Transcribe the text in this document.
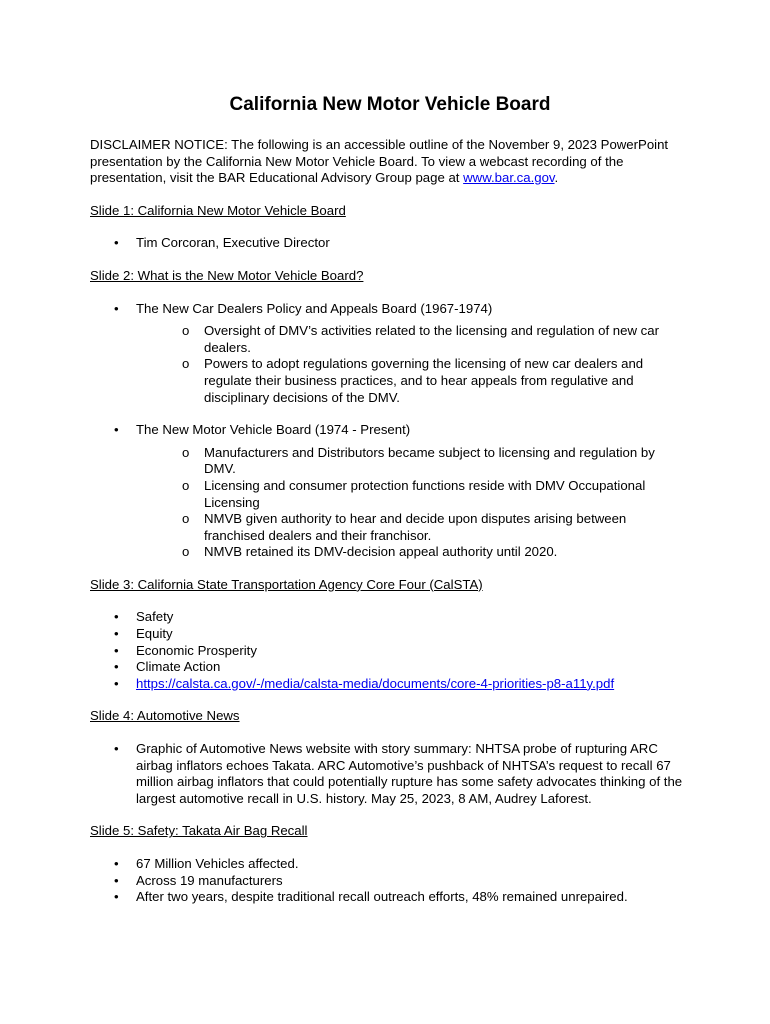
California New Motor Vehicle Board

DISCLAIMER NOTICE: The following is an accessible outline of the November 9, 2023 PowerPoint presentation by the California New Motor Vehicle Board. To view a webcast recording of the presentation, visit the BAR Educational Advisory Group page at www.bar.ca.gov.

Slide 1: California New Motor Vehicle Board

• Tim Corcoran, Executive Director

Slide 2: What is the New Motor Vehicle Board?

• The New Car Dealers Policy and Appeals Board (1967-1974)
o Oversight of DMV’s activities related to the licensing and regulation of new car dealers.
o Powers to adopt regulations governing the licensing of new car dealers and regulate their business practices, and to hear appeals from regulative and disciplinary decisions of the DMV.
• The New Motor Vehicle Board (1974 - Present)
o Manufacturers and Distributors became subject to licensing and regulation by DMV.
o Licensing and consumer protection functions reside with DMV Occupational Licensing
o NMVB given authority to hear and decide upon disputes arising between franchised dealers and their franchisor.
o NMVB retained its DMV-decision appeal authority until 2020.

Slide 3: California State Transportation Agency Core Four (CalSTA)

• Safety
• Equity
• Economic Prosperity
• Climate Action
• https://calsta.ca.gov/-/media/calsta-media/documents/core-4-priorities-p8-a11y.pdf

Slide 4: Automotive News

• Graphic of Automotive News website with story summary: NHTSA probe of rupturing ARC airbag inflators echoes Takata. ARC Automotive’s pushback of NHTSA’s request to recall 67 million airbag inflators that could potentially rupture has some safety advocates thinking of the largest automotive recall in U.S. history. May 25, 2023, 8 AM, Audrey Laforest.

Slide 5: Safety: Takata Air Bag Recall

• 67 Million Vehicles affected.
• Across 19 manufacturers
• After two years, despite traditional recall outreach efforts, 48% remained unrepaired.
